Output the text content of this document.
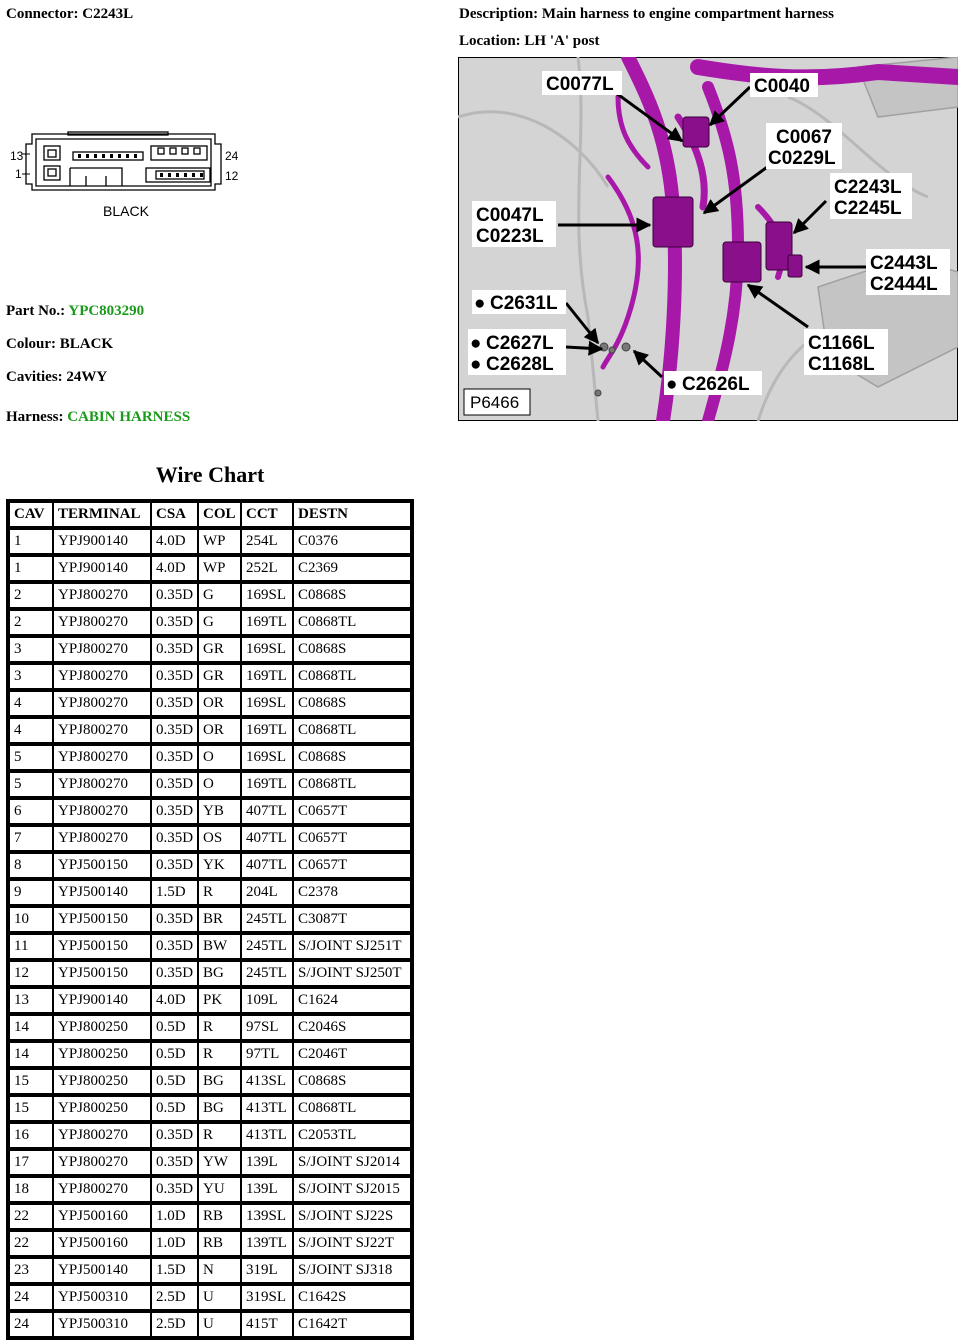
Connector: C2243L	Description: Main harness to engine compartment harness
Location: LH 'A' post
13
1
24
12
BLACK
Part No.: YPC803290
Colour: BLACK
Cavities: 24WY
Harness: CABIN HARNESS
C0077L	C0040
C0067
C0229L
C2243L
C2245L
C0047L
C0223L
C2443L
C2444L
● C2631L
● C2627L
● C2628L
C1166L
C1168L
● C2626L
P6466
Wire Chart
CAV	TERMINAL	CSA	COL	CCT	DESTN
1	YPJ900140	4.0D	WP	254L	C0376
1	YPJ900140	4.0D	WP	252L	C2369
2	YPJ800270	0.35D	G	169SL	C0868S
2	YPJ800270	0.35D	G	169TL	C0868TL
3	YPJ800270	0.35D	GR	169SL	C0868S
3	YPJ800270	0.35D	GR	169TL	C0868TL
4	YPJ800270	0.35D	OR	169SL	C0868S
4	YPJ800270	0.35D	OR	169TL	C0868TL
5	YPJ800270	0.35D	O	169SL	C0868S
5	YPJ800270	0.35D	O	169TL	C0868TL
6	YPJ800270	0.35D	YB	407TL	C0657T
7	YPJ800270	0.35D	OS	407TL	C0657T
8	YPJ500150	0.35D	YK	407TL	C0657T
9	YPJ500140	1.5D	R	204L	C2378
10	YPJ500150	0.35D	BR	245TL	C3087T
11	YPJ500150	0.35D	BW	245TL	S/JOINT SJ251T
12	YPJ500150	0.35D	BG	245TL	S/JOINT SJ250T
13	YPJ900140	4.0D	PK	109L	C1624
14	YPJ800250	0.5D	R	97SL	C2046S
14	YPJ800250	0.5D	R	97TL	C2046T
15	YPJ800250	0.5D	BG	413SL	C0868S
15	YPJ800250	0.5D	BG	413TL	C0868TL
16	YPJ800270	0.35D	R	413TL	C2053TL
17	YPJ800270	0.35D	YW	139L	S/JOINT SJ2014
18	YPJ800270	0.35D	YU	139L	S/JOINT SJ2015
22	YPJ500160	1.0D	RB	139SL	S/JOINT SJ22S
22	YPJ500160	1.0D	RB	139TL	S/JOINT SJ22T
23	YPJ500140	1.5D	N	319L	S/JOINT SJ318
24	YPJ500310	2.5D	U	319SL	C1642S
24	YPJ500310	2.5D	U	415T	C1642T
